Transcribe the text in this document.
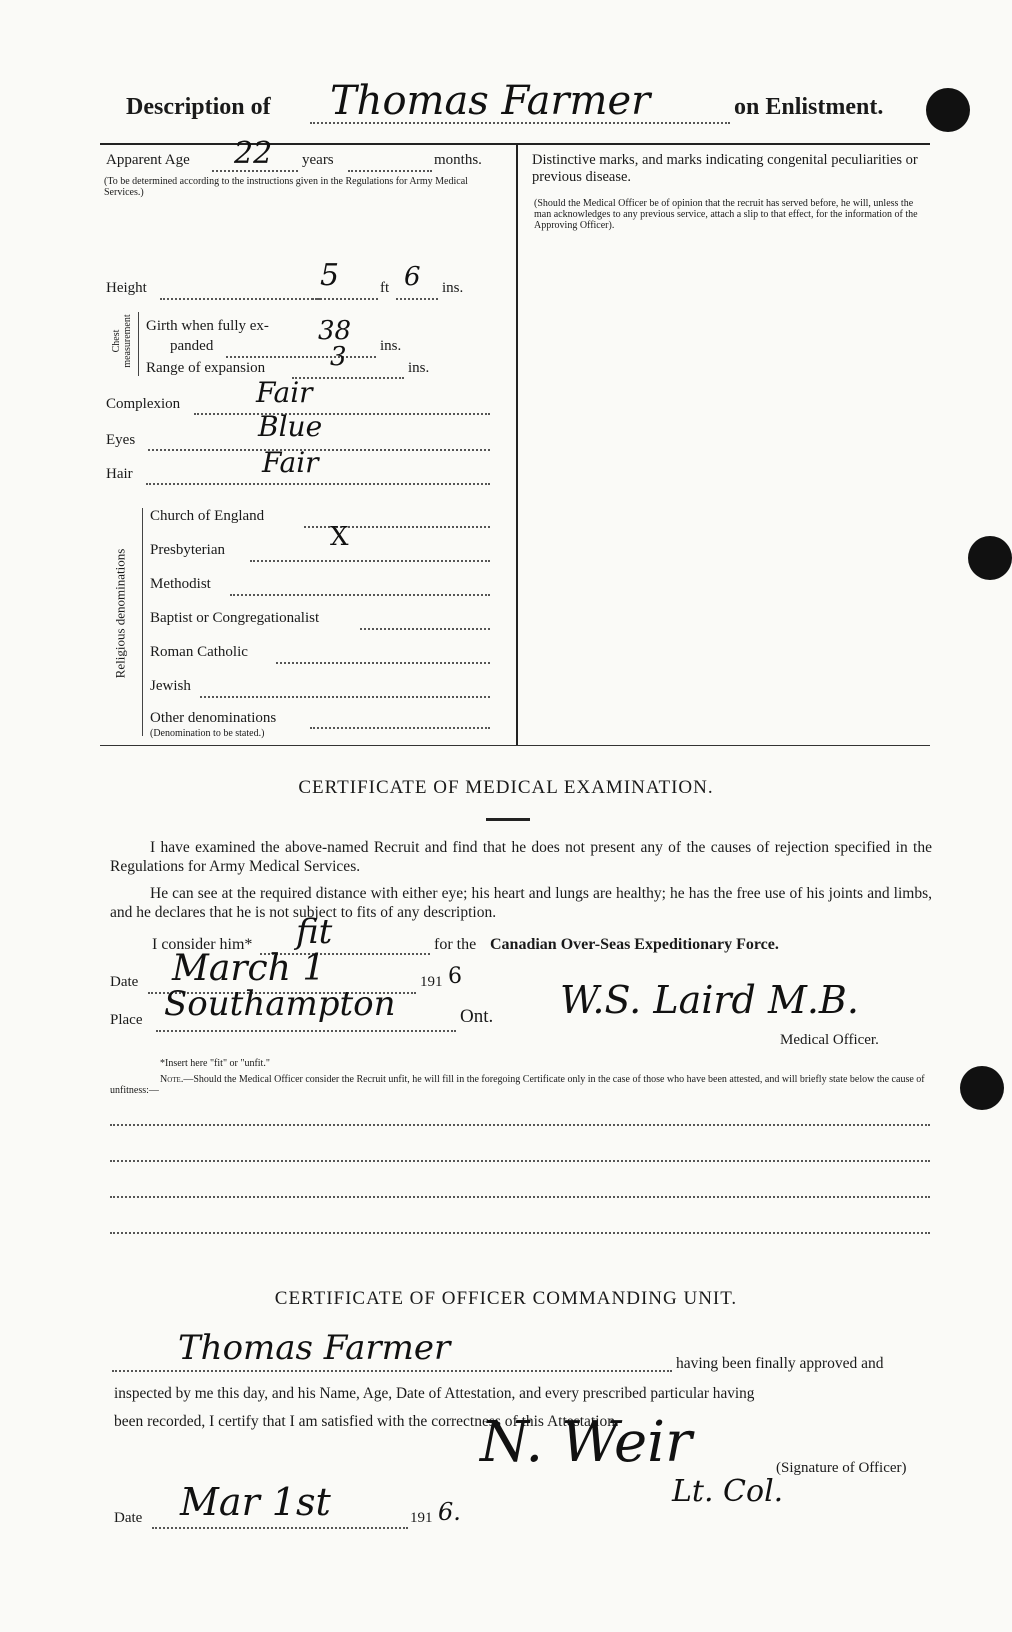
Description of Thomas Farmer	on Enlistment.
Apparent Age 22 years	months.
(To be determined according to the instructions given in the Regulations for Army Medical Services.)
Height	5	ft 6 ins.
Chest measurement Girth when fully ex-
panded	38 ins.
Range of expansion 3	ins.
Complexion	Fair
Eyes	Blue
Hair	Fair
Religious denominations
Church of England
Presbyterian	X
Methodist
Baptist or Congregationalist
Roman Catholic
Jewish
Other denominations
(Denomination to be stated.)
Distinctive marks, and marks indicating congenital peculiarities or previous disease.
(Should the Medical Officer be of opinion that the recruit has served before, he will, unless the man acknowledges to any previous service, attach a slip to that effect, for the information of the Approving Officer).
CERTIFICATE OF MEDICAL EXAMINATION.
I have examined the above-named Recruit and find that he does not present any of the causes of rejection specified in the Regulations for Army Medical Services.
He can see at the required distance with either eye; his heart and lungs are healthy; he has the free use of his joints and limbs, and he declares that he is not subject to fits of any description.
I consider him* fit	for the Canadian Over-Seas Expeditionary Force.
Date March 1	191 6
Place Southampton	Ont. W.S. Laird M.B.
Medical Officer.
*Insert here "fit" or "unfit."
Note.—Should the Medical Officer consider the Recruit unfit, he will fill in the foregoing Certificate only in the case of those who have been attested, and will briefly state below the cause of unfitness:—
CERTIFICATE OF OFFICER COMMANDING UNIT.
Thomas Farmer	having been finally approved and
inspected by me this day, and his Name, Age, Date of Attestation, and every prescribed particular having
been recorded, I certify that I am satisfied with the correctness of this Attestation.
N. Weir	(Signature of Officer)
Lt. Col.
Date Mar 1st	191 6.
